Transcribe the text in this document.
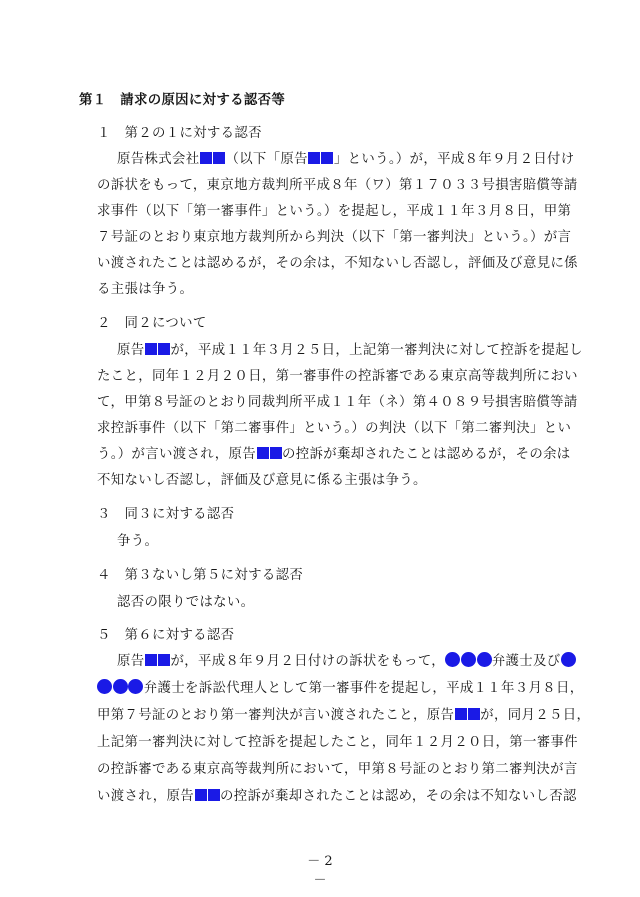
第１　請求の原因に対する認否等
１　第２の１に対する認否
原告株式会社 （以下「原告 」という。）が，平成８年９月２日付け
の訴状をもって，東京地方裁判所平成８年（ワ）第１７０３３号損害賠償等請
求事件（以下「第一審事件」という。）を提起し，平成１１年３月８日，甲第
７号証のとおり東京地方裁判所から判決（以下「第一審判決」という。）が言
い渡されたことは認めるが，その余は，不知ないし否認し，評価及び意見に係
る主張は争う。
２　同２について
原告 が，平成１１年３月２５日，上記第一審判決に対して控訴を提起し
たこと，同年１２月２０日，第一審事件の控訴審である東京高等裁判所におい
て，甲第８号証のとおり同裁判所平成１１年（ネ）第４０８９号損害賠償等請
求控訴事件（以下「第二審事件」という。）の判決（以下「第二審判決」とい
う。）が言い渡され，原告 の控訴が棄却されたことは認めるが，その余は
不知ないし否認し，評価及び意見に係る主張は争う。
３　同３に対する認否
争う。
４　第３ないし第５に対する認否
認否の限りではない。
５　第６に対する認否
原告 が，平成８年９月２日付けの訴状をもって，	弁護士及び
弁護士を訴訟代理人として第一審事件を提起し，平成１１年３月８日，
甲第７号証のとおり第一審判決が言い渡されたこと，原告 が，同月２５日，
上記第一審判決に対して控訴を提起したこと，同年１２月２０日，第一審事件
の控訴審である東京高等裁判所において，甲第８号証のとおり第二審判決が言
い渡され，原告 の控訴が棄却されたことは認め，その余は不知ないし否認
－ 2 －
